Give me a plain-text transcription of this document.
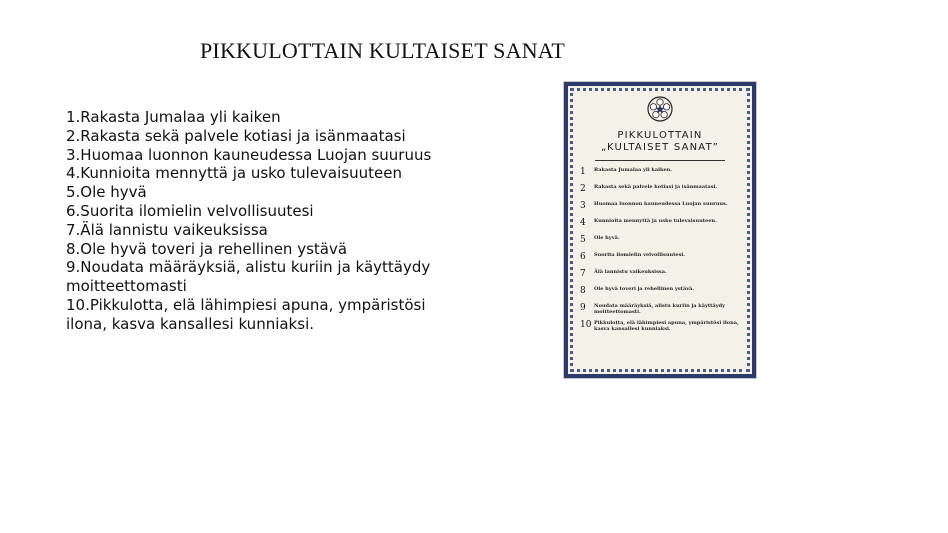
PIKKULOTTAIN KULTAISET SANAT
1.Rakasta Jumalaa yli kaiken
2.Rakasta sekä palvele kotiasi ja isänmaatasi
3.Huomaa luonnon kauneudessa Luojan suuruus
4.Kunnioita mennyttä ja usko tulevaisuuteen
5.Ole hyvä
6.Suorita ilomielin velvollisuutesi
7.Älä lannistu vaikeuksissa
8.Ole hyvä toveri ja rehellinen ystävä
9.Noudata määräyksiä, alistu kuriin ja käyttäydy moitteettomasti
10.Pikkulotta, elä lähimpiesi apuna, ympäristösi ilona, kasva kansallesi kunniaksi.
PIKKULOTTAIN
„KULTAISET SANAT”
1	Rakasta Jumalaa yli kaiken.
2	Rakasta sekä palvele kotiasi ja isänmaatasi.
3	Huomaa luonnon kauneudessa Luojan suuruus.
4	Kunnioita mennyttä ja usko tulevaisuuteen.
5	Ole hyvä.
6	Suorita ilomielin velvollisuutesi.
7	Älä lannistu vaikeuksissa.
8	Ole hyvä toveri ja rehellinen ystävä.
9	Noudata määräyksiä, alistu kuriin ja käyttäydy moitteettomasti.
10 Pikkulotta, elä lähimpiesi apuna, ympäristösi ilona, kasva kansallesi kunniaksi.
